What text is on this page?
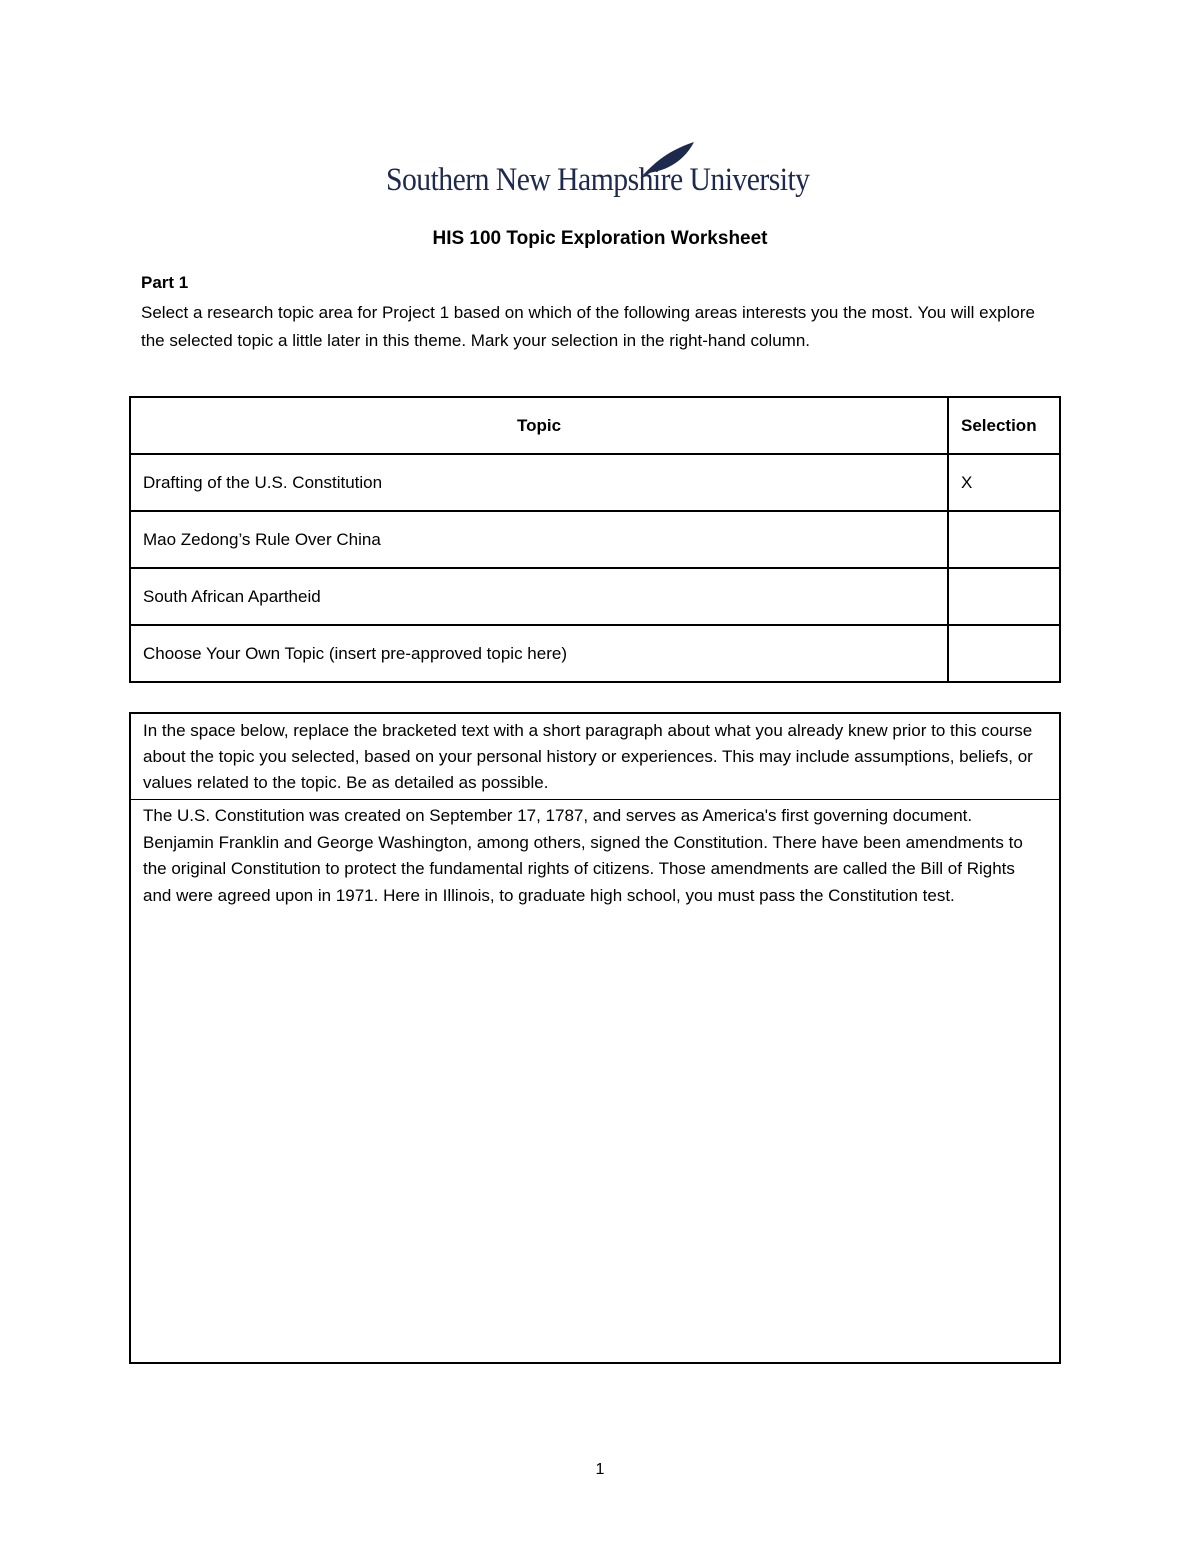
Southern New Hampshire University
HIS 100 Topic Exploration Worksheet
Part 1
Select a research topic area for Project 1 based on which of the following areas interests you the most. You will explore the selected topic a little later in this theme. Mark your selection in the right-hand column.
Topic	Selection
Drafting of the U.S. Constitution	X
Mao Zedong’s Rule Over China	
South African Apartheid	
Choose Your Own Topic (insert pre-approved topic here)	
In the space below, replace the bracketed text with a short paragraph about what you already knew prior to this course about the topic you selected, based on your personal history or experiences. This may include assumptions, beliefs, or values related to the topic. Be as detailed as possible.
The U.S. Constitution was created on September 17, 1787, and serves as America's first governing document. Benjamin Franklin and George Washington, among others, signed the Constitution. There have been amendments to the original Constitution to protect the fundamental rights of citizens. Those amendments are called the Bill of Rights and were agreed upon in 1971. Here in Illinois, to graduate high school, you must pass the Constitution test.
1
